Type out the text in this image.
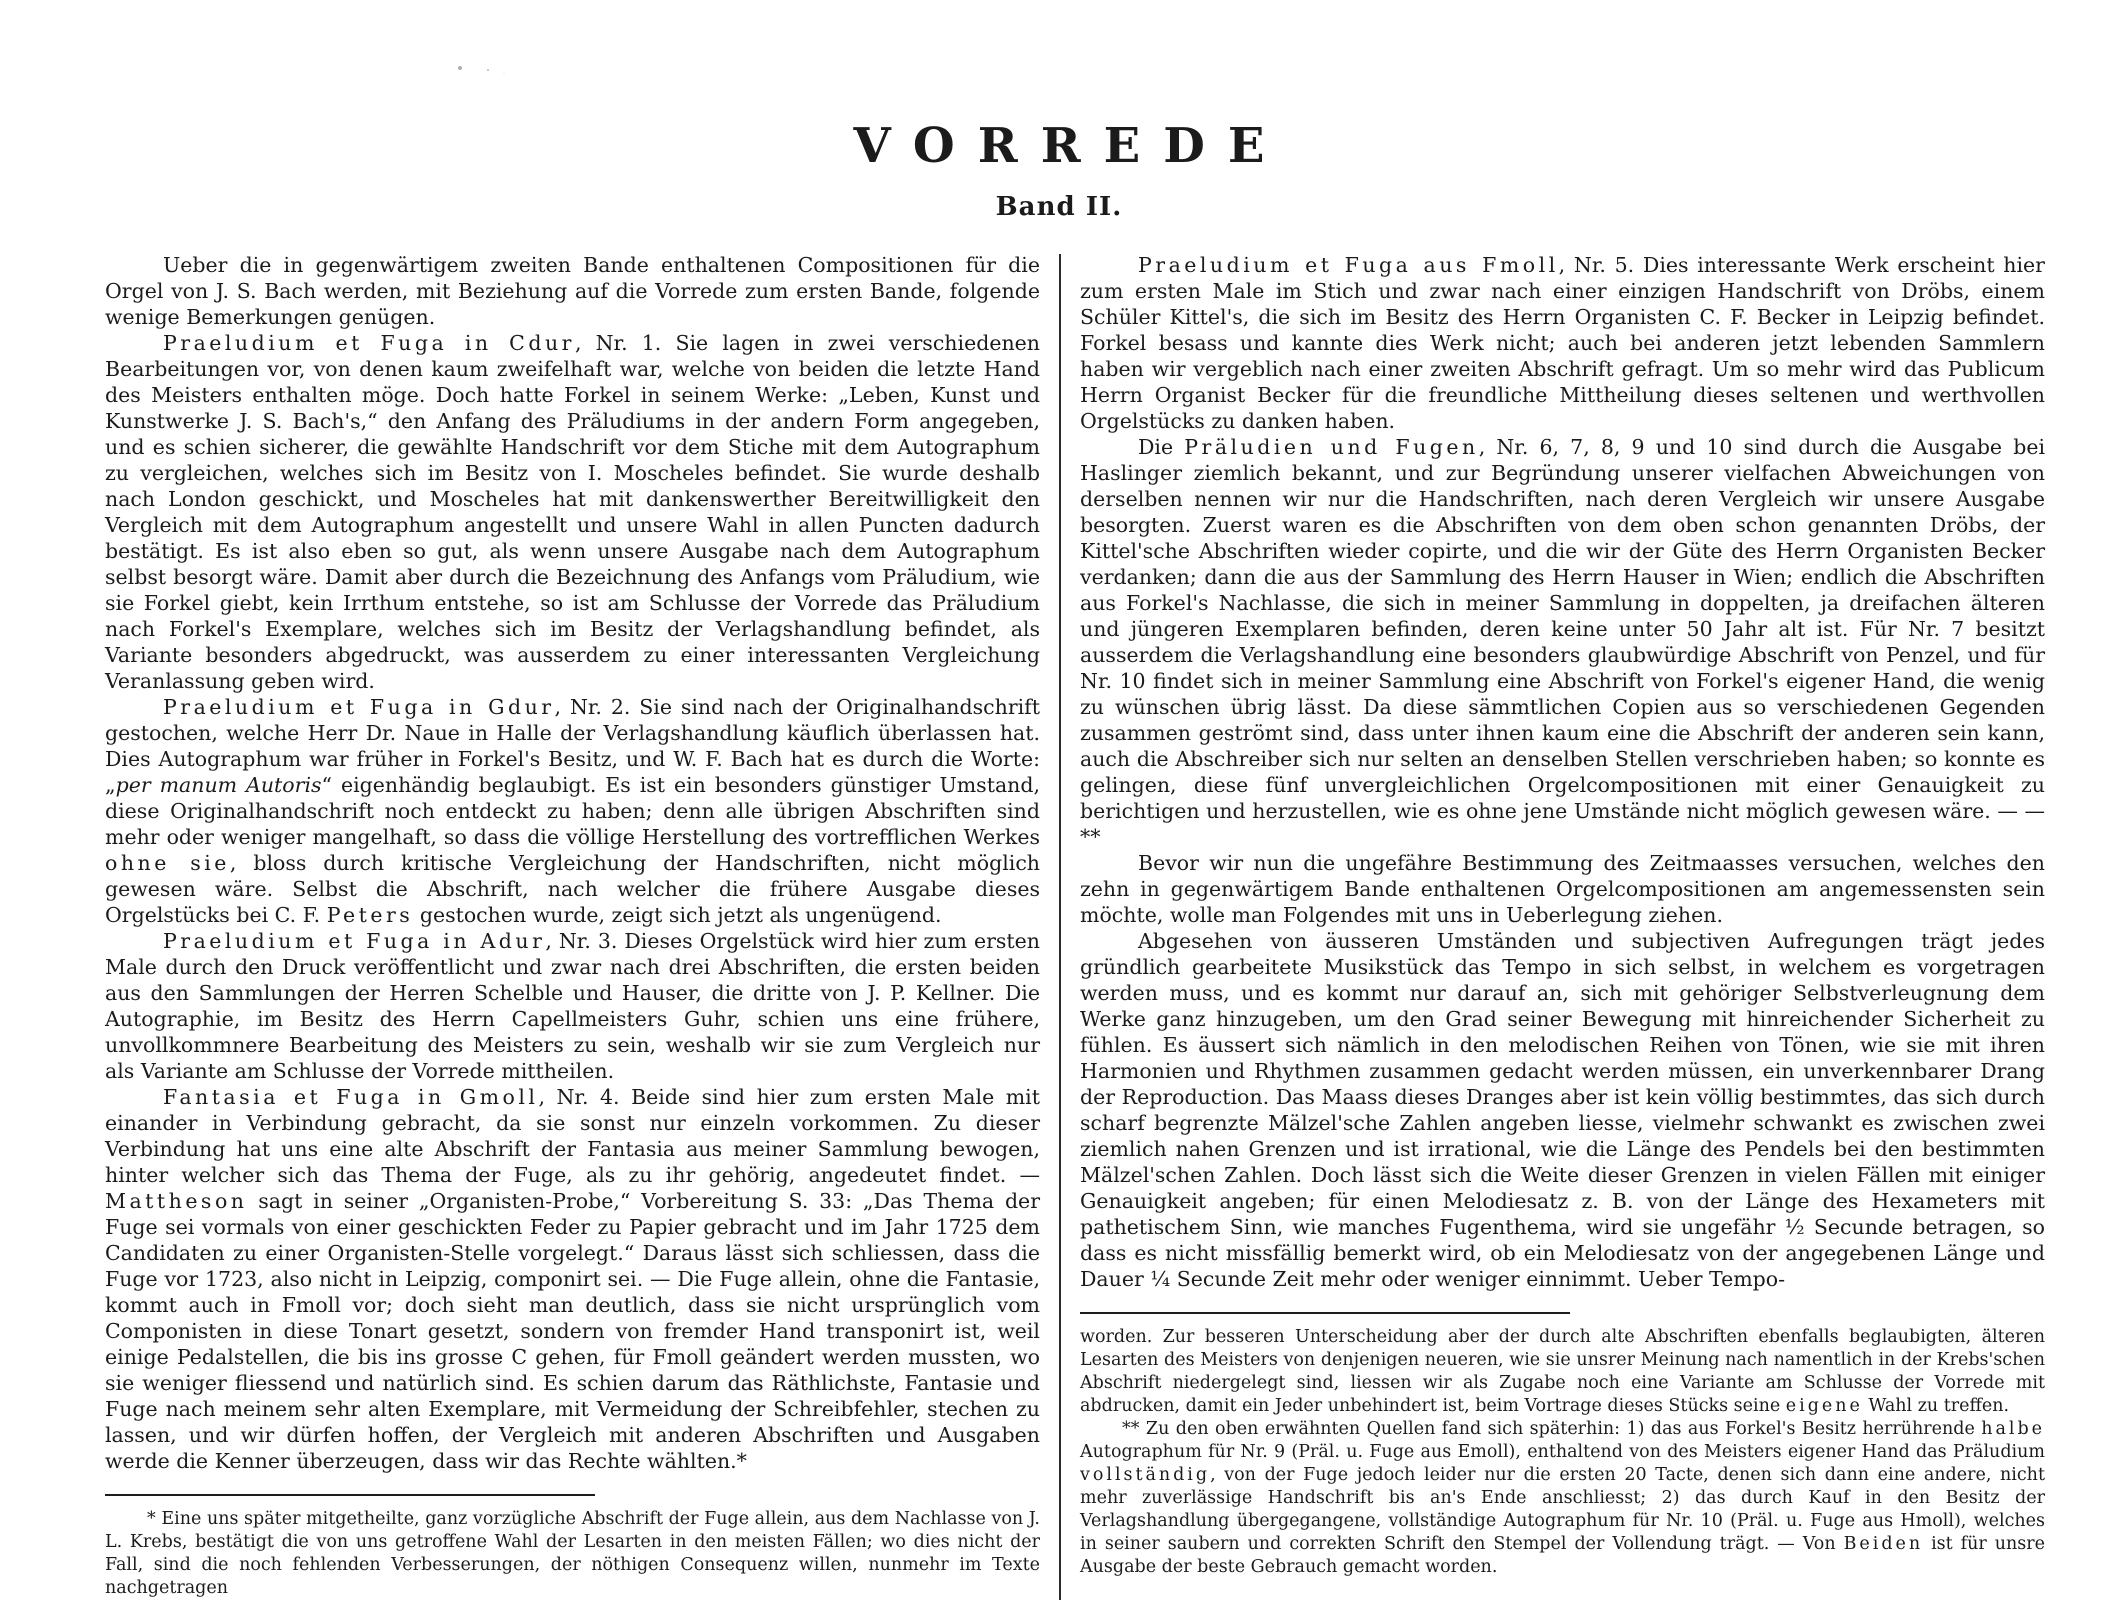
VORREDE
Band II.

Ueber die in gegenwärtigem zweiten Bande enthaltenen Compositionen für die Orgel von J. S. Bach werden, mit Beziehung auf die Vorrede zum ersten Bande, folgende wenige Bemerkungen genügen.

Praeludium et Fuga in Cdur, Nr. 1. Sie lagen in zwei verschiedenen Bearbeitungen vor, von denen kaum zweifelhaft war, welche von beiden die letzte Hand des Meisters enthalten möge. Doch hatte Forkel in seinem Werke: „Leben, Kunst und Kunstwerke J. S. Bach's,“ den Anfang des Präludiums in der andern Form angegeben, und es schien sicherer, die gewählte Handschrift vor dem Stiche mit dem Autographum zu vergleichen, welches sich im Besitz von I. Moscheles befindet. Sie wurde deshalb nach London geschickt, und Moscheles hat mit dankenswerther Bereitwilligkeit den Vergleich mit dem Autographum angestellt und unsere Wahl in allen Puncten dadurch bestätigt. Es ist also eben so gut, als wenn unsere Ausgabe nach dem Autographum selbst besorgt wäre. Damit aber durch die Bezeichnung des Anfangs vom Präludium, wie sie Forkel giebt, kein Irrthum entstehe, so ist am Schlusse der Vorrede das Präludium nach Forkel's Exemplare, welches sich im Besitz der Verlagshandlung befindet, als Variante besonders abgedruckt, was ausserdem zu einer interessanten Vergleichung Veranlassung geben wird.

Praeludium et Fuga in Gdur, Nr. 2. Sie sind nach der Originalhandschrift gestochen, welche Herr Dr. Naue in Halle der Verlagshandlung käuflich überlassen hat. Dies Autographum war früher in Forkel's Besitz, und W. F. Bach hat es durch die Worte: „per manum Autoris“ eigenhändig beglaubigt. Es ist ein besonders günstiger Umstand, diese Originalhandschrift noch entdeckt zu haben; denn alle übrigen Abschriften sind mehr oder weniger mangelhaft, so dass die völlige Herstellung des vortrefflichen Werkes ohne sie, bloss durch kritische Vergleichung der Handschriften, nicht möglich gewesen wäre. Selbst die Abschrift, nach welcher die frühere Ausgabe dieses Orgelstücks bei C. F. Peters gestochen wurde, zeigt sich jetzt als ungenügend.

Praeludium et Fuga in Adur, Nr. 3. Dieses Orgelstück wird hier zum ersten Male durch den Druck veröffentlicht und zwar nach drei Abschriften, die ersten beiden aus den Sammlungen der Herren Schelble und Hauser, die dritte von J. P. Kellner. Die Autographie, im Besitz des Herrn Capellmeisters Guhr, schien uns eine frühere, unvollkommnere Bearbeitung des Meisters zu sein, weshalb wir sie zum Vergleich nur als Variante am Schlusse der Vorrede mittheilen.

Fantasia et Fuga in Gmoll, Nr. 4. Beide sind hier zum ersten Male mit einander in Verbindung gebracht, da sie sonst nur einzeln vorkommen. Zu dieser Verbindung hat uns eine alte Abschrift der Fantasia aus meiner Sammlung bewogen, hinter welcher sich das Thema der Fuge, als zu ihr gehörig, angedeutet findet. — Mattheson sagt in seiner „Organisten-Probe,“ Vorbereitung S. 33: „Das Thema der Fuge sei vormals von einer geschickten Feder zu Papier gebracht und im Jahr 1725 dem Candidaten zu einer Organisten-Stelle vorgelegt.“ Daraus lässt sich schliessen, dass die Fuge vor 1723, also nicht in Leipzig, componirt sei. — Die Fuge allein, ohne die Fantasie, kommt auch in Fmoll vor; doch sieht man deutlich, dass sie nicht ursprünglich vom Componisten in diese Tonart gesetzt, sondern von fremder Hand transponirt ist, weil einige Pedalstellen, die bis ins grosse C gehen, für Fmoll geändert werden mussten, wo sie weniger fliessend und natürlich sind. Es schien darum das Räthlichste, Fantasie und Fuge nach meinem sehr alten Exemplare, mit Vermeidung der Schreibfehler, stechen zu lassen, und wir dürfen hoffen, der Vergleich mit anderen Abschriften und Ausgaben werde die Kenner überzeugen, dass wir das Rechte wählten.*

* Eine uns später mitgetheilte, ganz vorzügliche Abschrift der Fuge allein, aus dem Nachlasse von J. L. Krebs, bestätigt die von uns getroffene Wahl der Lesarten in den meisten Fällen; wo dies nicht der Fall, sind die noch fehlenden Verbesserungen, der nöthigen Consequenz willen, nunmehr im Texte nachgetragen

Praeludium et Fuga aus Fmoll, Nr. 5. Dies interessante Werk erscheint hier zum ersten Male im Stich und zwar nach einer einzigen Handschrift von Dröbs, einem Schüler Kittel's, die sich im Besitz des Herrn Organisten C. F. Becker in Leipzig befindet. Forkel besass und kannte dies Werk nicht; auch bei anderen jetzt lebenden Sammlern haben wir vergeblich nach einer zweiten Abschrift gefragt. Um so mehr wird das Publicum Herrn Organist Becker für die freundliche Mittheilung dieses seltenen und werthvollen Orgelstücks zu danken haben.

Die Präludien und Fugen, Nr. 6, 7, 8, 9 und 10 sind durch die Ausgabe bei Haslinger ziemlich bekannt, und zur Begründung unserer vielfachen Abweichungen von derselben nennen wir nur die Handschriften, nach deren Vergleich wir unsere Ausgabe besorgten. Zuerst waren es die Abschriften von dem oben schon genannten Dröbs, der Kittel'sche Abschriften wieder copirte, und die wir der Güte des Herrn Organisten Becker verdanken; dann die aus der Sammlung des Herrn Hauser in Wien; endlich die Abschriften aus Forkel's Nachlasse, die sich in meiner Sammlung in doppelten, ja dreifachen älteren und jüngeren Exemplaren befinden, deren keine unter 50 Jahr alt ist. Für Nr. 7 besitzt ausserdem die Verlagshandlung eine besonders glaubwürdige Abschrift von Penzel, und für Nr. 10 findet sich in meiner Sammlung eine Abschrift von Forkel's eigener Hand, die wenig zu wünschen übrig lässt. Da diese sämmtlichen Copien aus so verschiedenen Gegenden zusammen geströmt sind, dass unter ihnen kaum eine die Abschrift der anderen sein kann, auch die Abschreiber sich nur selten an denselben Stellen verschrieben haben; so konnte es gelingen, diese fünf unvergleichlichen Orgelcompositionen mit einer Genauigkeit zu berichtigen und herzustellen, wie es ohne jene Umstände nicht möglich gewesen wäre. — —**

Bevor wir nun die ungefähre Bestimmung des Zeitmaasses versuchen, welches den zehn in gegenwärtigem Bande enthaltenen Orgelcompositionen am angemessensten sein möchte, wolle man Folgendes mit uns in Ueberlegung ziehen.

Abgesehen von äusseren Umständen und subjectiven Aufregungen trägt jedes gründlich gearbeitete Musikstück das Tempo in sich selbst, in welchem es vorgetragen werden muss, und es kommt nur darauf an, sich mit gehöriger Selbstverleugnung dem Werke ganz hinzugeben, um den Grad seiner Bewegung mit hinreichender Sicherheit zu fühlen. Es äussert sich nämlich in den melodischen Reihen von Tönen, wie sie mit ihren Harmonien und Rhythmen zusammen gedacht werden müssen, ein unverkennbarer Drang der Reproduction. Das Maass dieses Dranges aber ist kein völlig bestimmtes, das sich durch scharf begrenzte Mälzel'sche Zahlen angeben liesse, vielmehr schwankt es zwischen zwei ziemlich nahen Grenzen und ist irrational, wie die Länge des Pendels bei den bestimmten Mälzel'schen Zahlen. Doch lässt sich die Weite dieser Grenzen in vielen Fällen mit einiger Genauigkeit angeben; für einen Melodiesatz z. B. von der Länge des Hexameters mit pathetischem Sinn, wie manches Fugenthema, wird sie ungefähr ½ Secunde betragen, so dass es nicht missfällig bemerkt wird, ob ein Melodiesatz von der angegebenen Länge und Dauer ¼ Secunde Zeit mehr oder weniger einnimmt. Ueber Tempo-

worden. Zur besseren Unterscheidung aber der durch alte Abschriften ebenfalls beglaubigten, älteren Lesarten des Meisters von denjenigen neueren, wie sie unsrer Meinung nach namentlich in der Krebs'schen Abschrift niedergelegt sind, liessen wir als Zugabe noch eine Variante am Schlusse der Vorrede mit abdrucken, damit ein Jeder unbehindert ist, beim Vortrage dieses Stücks seine eigene Wahl zu treffen.

** Zu den oben erwähnten Quellen fand sich späterhin: 1) das aus Forkel's Besitz herrührende halbe Autographum für Nr. 9 (Präl. u. Fuge aus Emoll), enthaltend von des Meisters eigener Hand das Präludium vollständig, von der Fuge jedoch leider nur die ersten 20 Tacte, denen sich dann eine andere, nicht mehr zuverlässige Handschrift bis an's Ende anschliesst; 2) das durch Kauf in den Besitz der Verlagshandlung übergegangene, vollständige Autographum für Nr. 10 (Präl. u. Fuge aus Hmoll), welches in seiner saubern und correkten Schrift den Stempel der Vollendung trägt. — Von Beiden ist für unsre Ausgabe der beste Gebrauch gemacht worden.
